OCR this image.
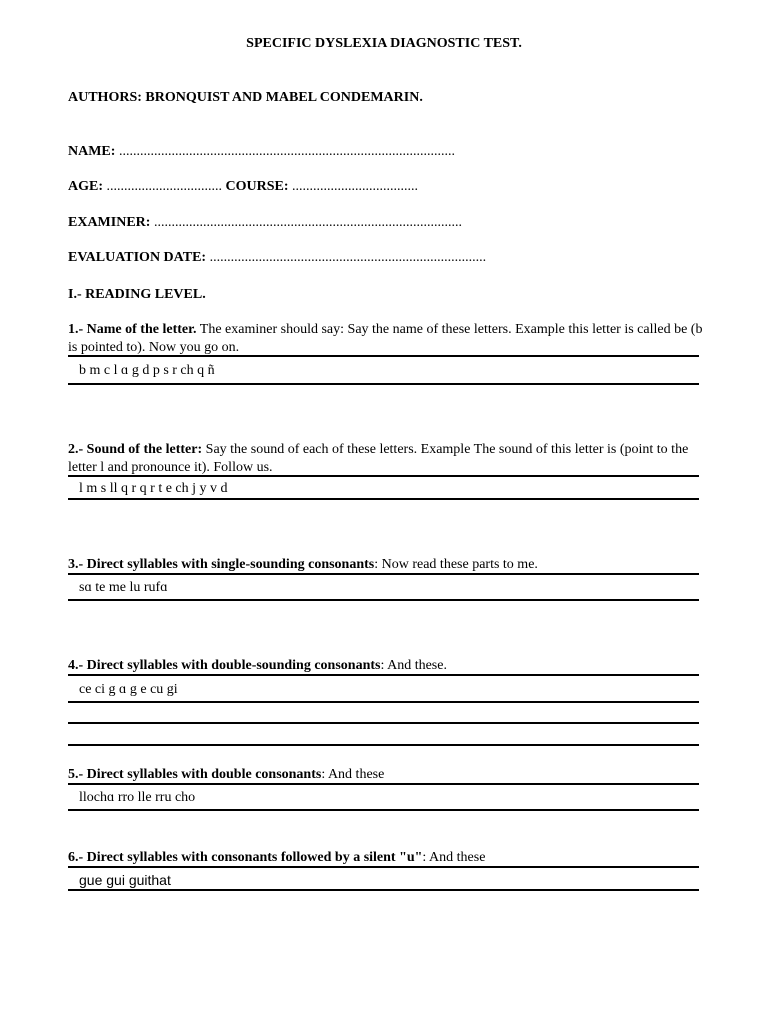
SPECIFIC DYSLEXIA DIAGNOSTIC TEST.
AUTHORS: BRONQUIST AND MABEL CONDEMARIN.
NAME: ................................................................................................
AGE: ................................. COURSE: ....................................
EXAMINER: ........................................................................................
EVALUATION DATE: ...............................................................................
I.- READING LEVEL.
1.- Name of the letter. The examiner should say: Say the name of these letters. Example this letter is called be (b is pointed to). Now you go on.
b m c l ɑ g d p s r ch q ñ
2.- Sound of the letter: Say the sound of each of these letters. Example The sound of this letter is (point to the letter l and pronounce it). Follow us.
l m s ll q r q r t e ch j y v d
3.- Direct syllables with single-sounding consonants: Now read these parts to me.
sɑ te me lu rufɑ
4.- Direct syllables with double-sounding consonants: And these.
ce ci g ɑ g e cu gi
5.- Direct syllables with double consonants: And these
llochɑ rro lle rru cho
6.- Direct syllables with consonants followed by a silent "u": And these
gue gui guithat
